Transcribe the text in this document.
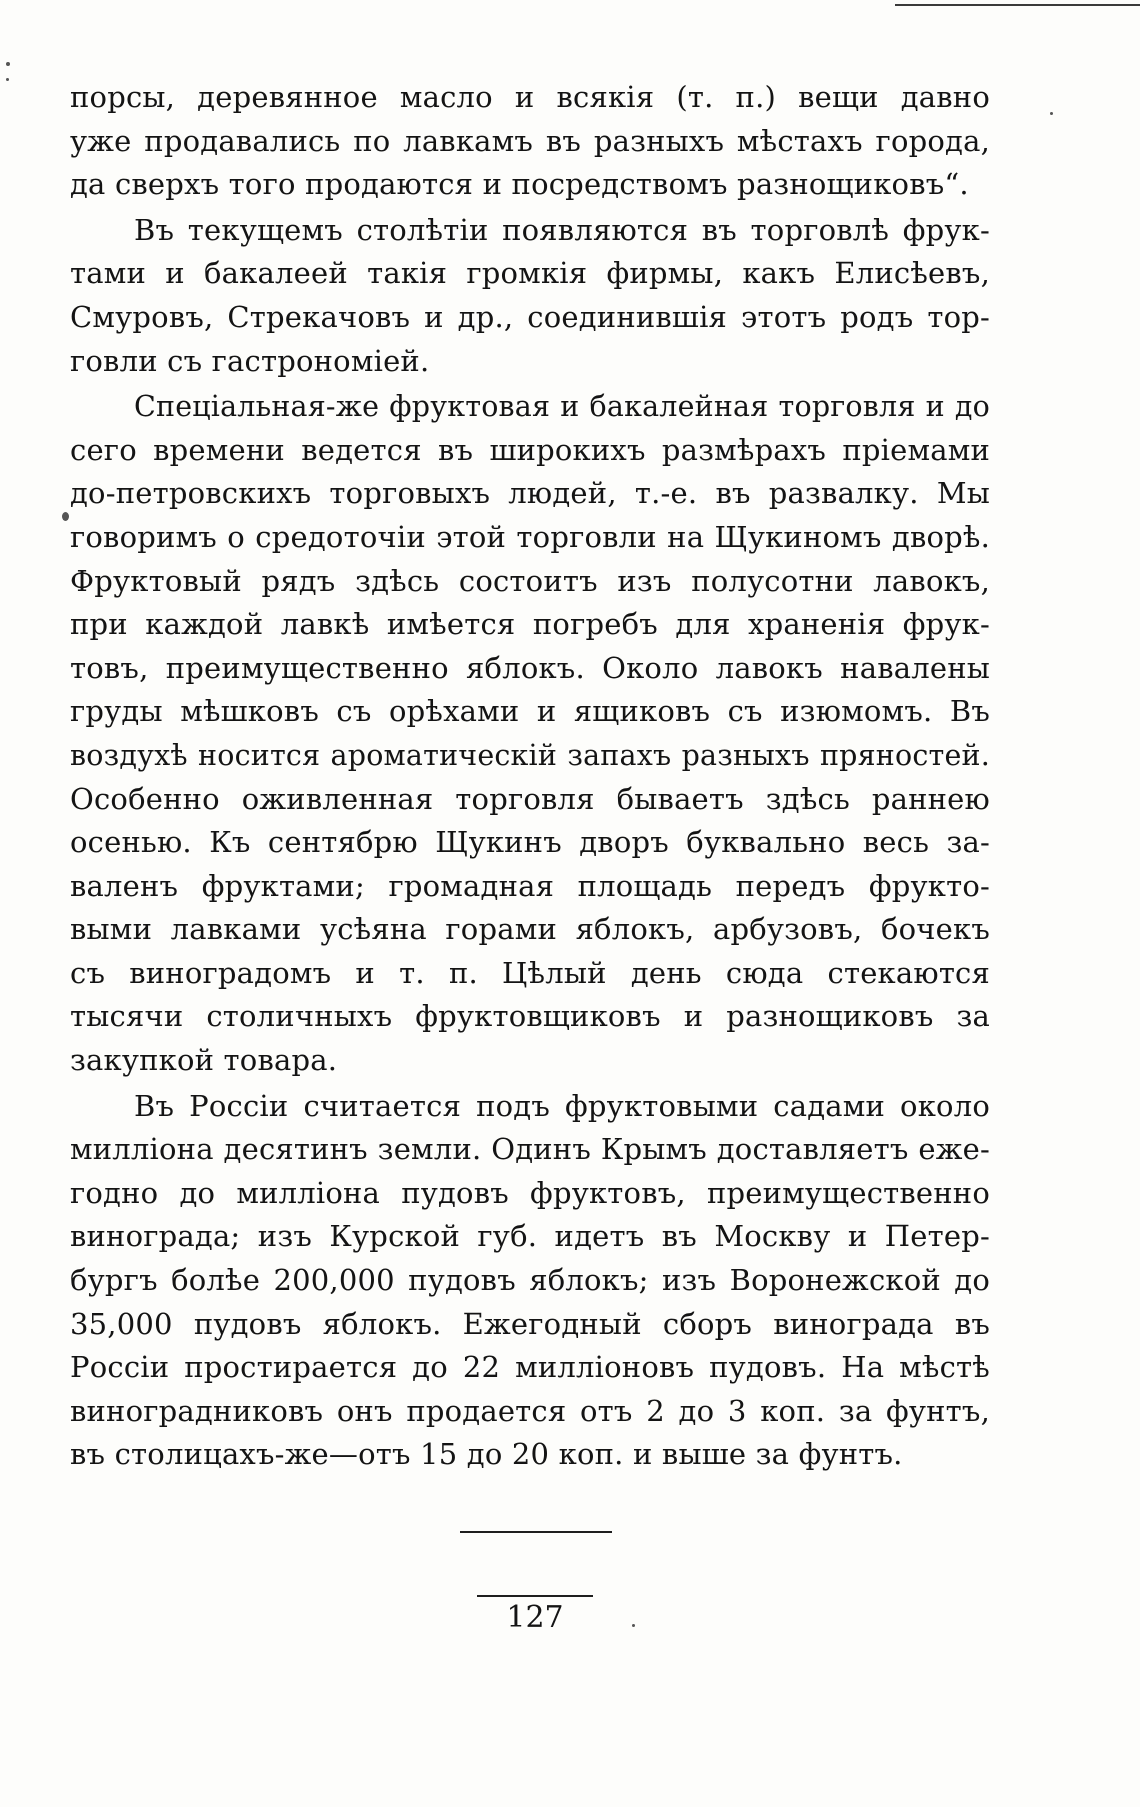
порсы, деревянное масло и всякія (т. п.) вещи давно
уже продавались по лавкамъ въ разныхъ мѣстахъ города,
да сверхъ того продаются и посредствомъ разнощиковъ“.

Въ текущемъ столѣтіи появляются въ торговлѣ фрук-
тами и бакалеей такія громкія фирмы, какъ Елисѣевъ,
Смуровъ, Стрекачовъ и др., соединившія этотъ родъ тор-
говли съ гастрономіей.

Спеціальная-же фруктовая и бакалейная торговля и до
сего времени ведется въ широкихъ размѣрахъ пріемами
до-петровскихъ торговыхъ людей, т.-е. въ развалку. Мы
говоримъ о средоточіи этой торговли на Щукиномъ дворѣ.
Фруктовый рядъ здѣсь состоитъ изъ полусотни лавокъ,
при каждой лавкѣ имѣется погребъ для храненія фрук-
товъ, преимущественно яблокъ. Около лавокъ навалены
груды мѣшковъ съ орѣхами и ящиковъ съ изюмомъ. Въ
воздухѣ носится ароматическій запахъ разныхъ пряностей.
Особенно оживленная торговля бываетъ здѣсь раннею
осенью. Къ сентябрю Щукинъ дворъ буквально весь за-
валенъ фруктами; громадная площадь передъ фрукто-
выми лавками усѣяна горами яблокъ, арбузовъ, бочекъ
съ виноградомъ и т. п. Цѣлый день сюда стекаются
тысячи столичныхъ фруктовщиковъ и разнощиковъ за
закупкой товара.

Въ Россіи считается подъ фруктовыми садами около
милліона десятинъ земли. Одинъ Крымъ доставляетъ еже-
годно до милліона пудовъ фруктовъ, преимущественно
винограда; изъ Курской губ. идетъ въ Москву и Петер-
бургъ болѣе 200,000 пудовъ яблокъ; изъ Воронежской до
35,000 пудовъ яблокъ. Ежегодный сборъ винограда въ
Россіи простирается до 22 милліоновъ пудовъ. На мѣстѣ
виноградниковъ онъ продается отъ 2 до 3 коп. за фунтъ,
въ столицахъ-же—отъ 15 до 20 коп. и выше за фунтъ.

127
